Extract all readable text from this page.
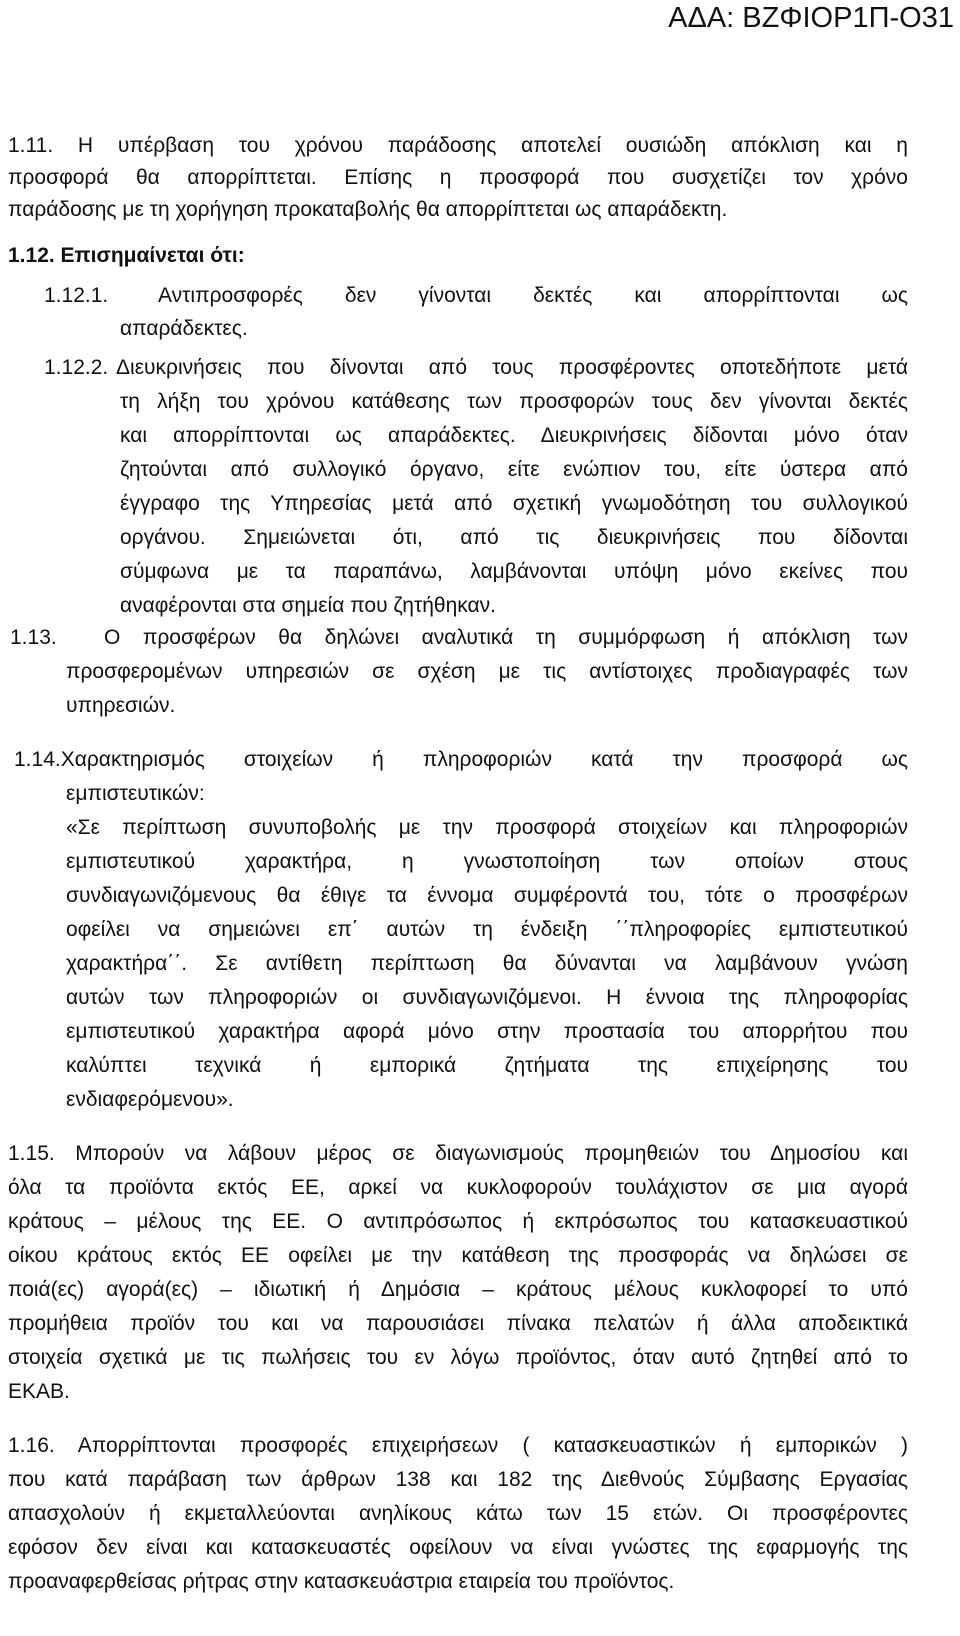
ΑΔΑ: ΒΖΦΙΟΡ1Π-Ο31
1.11. Η υπέρβαση του χρόνου παράδοσης αποτελεί ουσιώδη απόκλιση και η
προσφορά θα απορρίπτεται. Επίσης η προσφορά που συσχετίζει τον χρόνο
παράδοσης με τη χορήγηση προκαταβολής θα απορρίπτεται ως απαράδεκτη.
1.12. Επισημαίνεται ότι:
1.12.1. Αντιπροσφορές δεν γίνονται δεκτές και απορρίπτονται ως
απαράδεκτες.
1.12.2. Διευκρινήσεις που δίνονται από τους προσφέροντες οποτεδήποτε μετά
τη λήξη του χρόνου κατάθεσης των προσφορών τους δεν γίνονται δεκτές
και απορρίπτονται ως απαράδεκτες. Διευκρινήσεις δίδονται μόνο όταν
ζητούνται από συλλογικό όργανο, είτε ενώπιον του, είτε ύστερα από
έγγραφο της Υπηρεσίας μετά από σχετική γνωμοδότηση του συλλογικού
οργάνου. Σημειώνεται ότι, από τις διευκρινήσεις που δίδονται
σύμφωνα με τα παραπάνω, λαμβάνονται υπόψη μόνο εκείνες που
αναφέρονται στα σημεία που ζητήθηκαν.
1.13. Ο προσφέρων θα δηλώνει αναλυτικά τη συμμόρφωση ή απόκλιση των
προσφερομένων υπηρεσιών σε σχέση με τις αντίστοιχες προδιαγραφές των
υπηρεσιών.
1.14.Χαρακτηρισμός στοιχείων ή πληροφοριών κατά την προσφορά ως
εμπιστευτικών:
«Σε περίπτωση συνυποβολής με την προσφορά στοιχείων και πληροφοριών
εμπιστευτικού χαρακτήρα, η γνωστοποίηση των οποίων στους
συνδιαγωνιζόμενους θα έθιγε τα έννομα συμφέροντά του, τότε ο προσφέρων
οφείλει να σημειώνει επ΄ αυτών τη ένδειξη ΄΄πληροφορίες εμπιστευτικού
χαρακτήρα΄΄. Σε αντίθετη περίπτωση θα δύνανται να λαμβάνουν γνώση
αυτών των πληροφοριών οι συνδιαγωνιζόμενοι. Η έννοια της πληροφορίας
εμπιστευτικού χαρακτήρα αφορά μόνο στην προστασία του απορρήτου που
καλύπτει τεχνικά ή εμπορικά ζητήματα της επιχείρησης του
ενδιαφερόμενου».
1.15. Μπορούν να λάβουν μέρος σε διαγωνισμούς προμηθειών του Δημοσίου και
όλα τα προϊόντα εκτός ΕΕ, αρκεί να κυκλοφορούν τουλάχιστον σε μια αγορά
κράτους – μέλους της ΕΕ. Ο αντιπρόσωπος ή εκπρόσωπος του κατασκευαστικού
οίκου κράτους εκτός ΕΕ οφείλει με την κατάθεση της προσφοράς να δηλώσει σε
ποιά(ες) αγορά(ες) – ιδιωτική ή Δημόσια – κράτους μέλους κυκλοφορεί το υπό
προμήθεια προϊόν του και να παρουσιάσει πίνακα πελατών ή άλλα αποδεικτικά
στοιχεία σχετικά με τις πωλήσεις του εν λόγω προϊόντος, όταν αυτό ζητηθεί από το
ΕΚΑΒ.
1.16. Απορρίπτονται προσφορές επιχειρήσεων ( κατασκευαστικών ή εμπορικών )
που κατά παράβαση των άρθρων 138 και 182 της Διεθνούς Σύμβασης Εργασίας
απασχολούν ή εκμεταλλεύονται ανηλίκους κάτω των 15 ετών. Οι προσφέροντες
εφόσον δεν είναι και κατασκευαστές οφείλουν να είναι γνώστες της εφαρμογής της
προαναφερθείσας ρήτρας στην κατασκευάστρια εταιρεία του προϊόντος.
